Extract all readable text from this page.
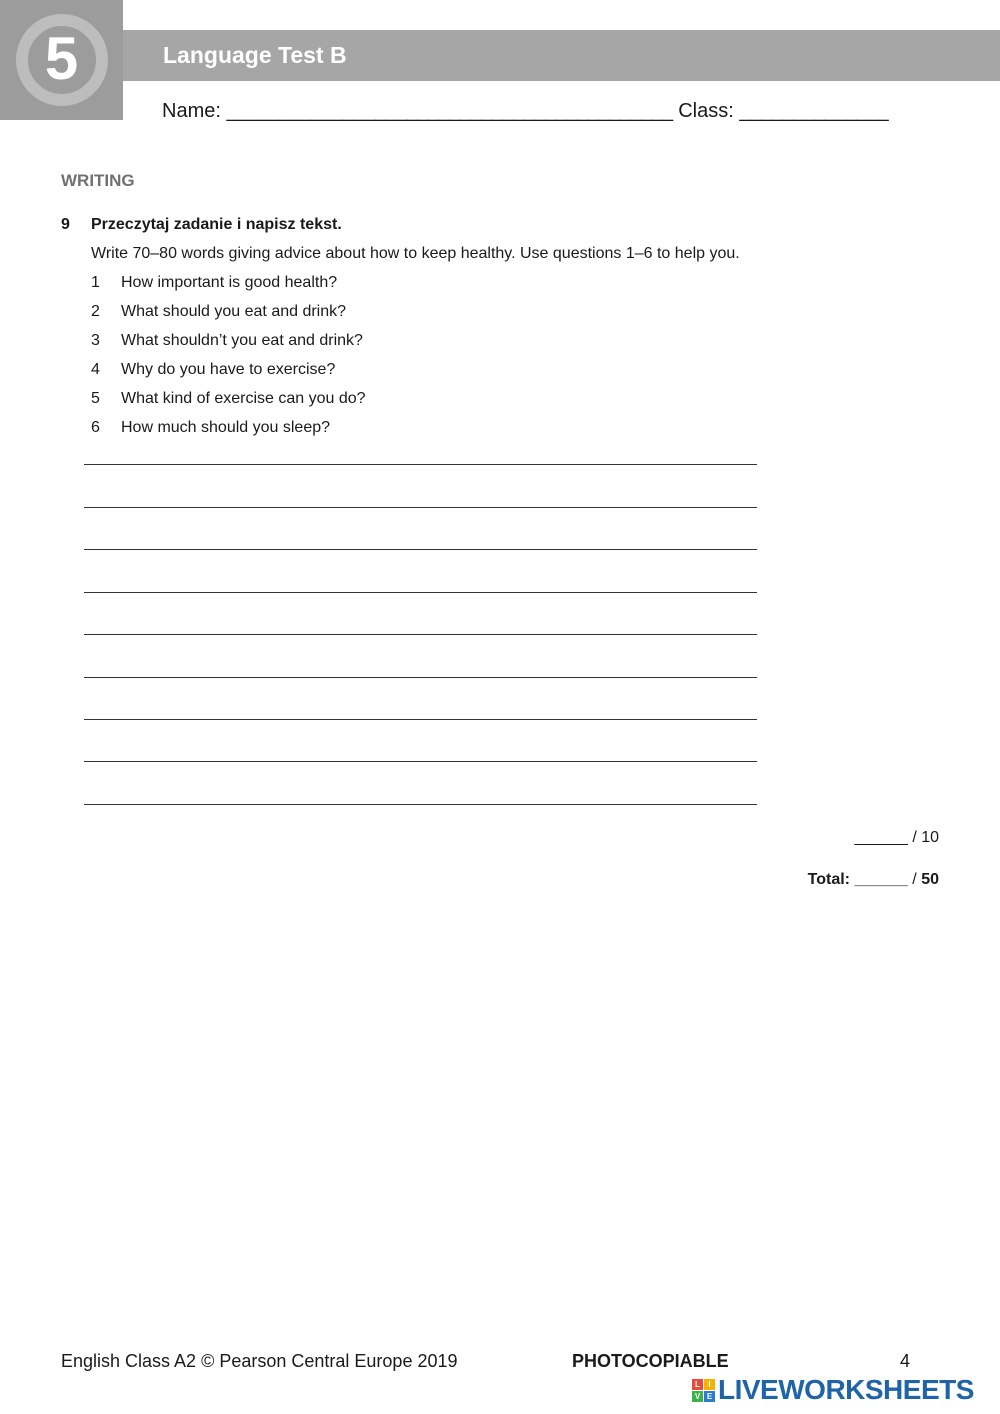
5	Language Test B
Name: __________________________________________ Class: ______________
WRITING
9 Przeczytaj zadanie i napisz tekst.
Write 70–80 words giving advice about how to keep healthy. Use questions 1–6 to help you.
1 How important is good health?
2 What should you eat and drink?
3 What shouldn’t you eat and drink?
4 Why do you have to exercise?
5 What kind of exercise can you do?
6 How much should you sleep?
______ / 10
Total: ______ / 50
English Class A2 © Pearson Central Europe 2019	PHOTOCOPIABLE	4
L	I
V E LIVEWORKSHEETS
